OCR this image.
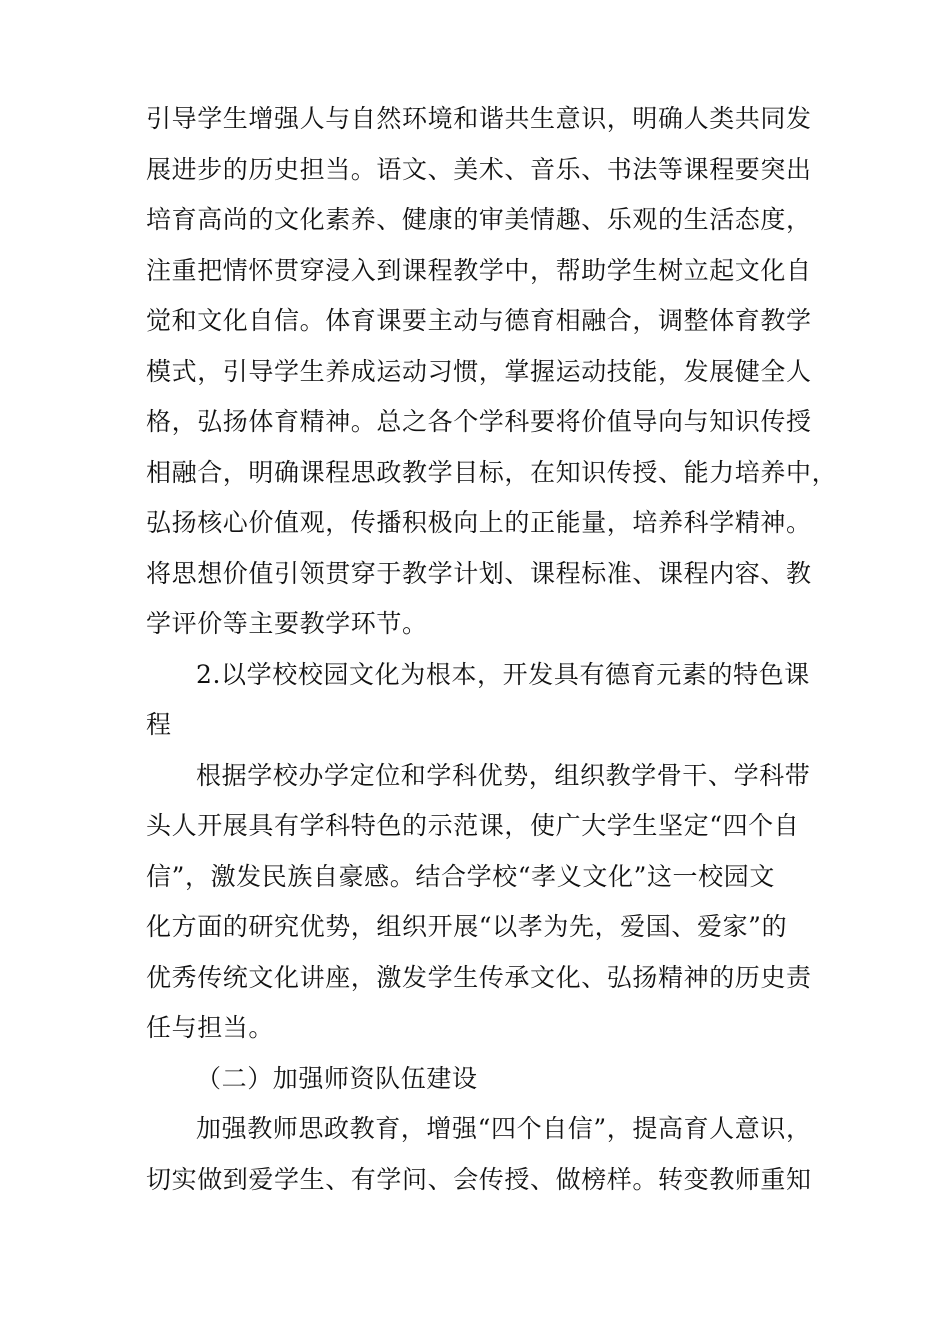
引导学生增强人与自然环境和谐共生意识，明确人类共同发
展进步的历史担当。语文、美术、音乐、书法等课程要突出
培育高尚的文化素养、健康的审美情趣、乐观的生活态度，
注重把情怀贯穿浸入到课程教学中，帮助学生树立起文化自
觉和文化自信。体育课要主动与德育相融合，调整体育教学
模式，引导学生养成运动习惯，掌握运动技能，发展健全人
格，弘扬体育精神。总之各个学科要将价值导向与知识传授
相融合，明确课程思政教学目标，在知识传授、能力培养中，
弘扬核心价值观，传播积极向上的正能量，培养科学精神。
将思想价值引领贯穿于教学计划、课程标准、课程内容、教
学评价等主要教学环节。
2.以学校校园文化为根本，开发具有德育元素的特色课
程
根据学校办学定位和学科优势，组织教学骨干、学科带
头人开展具有学科特色的示范课，使广大学生坚定“四个自
信”，激发民族自豪感。结合学校“孝义文化”这一校园文
化方面的研究优势，组织开展“以孝为先，爱国、爱家”的
优秀传统文化讲座，激发学生传承文化、弘扬精神的历史责
任与担当。
（二）加强师资队伍建设
加强教师思政教育，增强“四个自信”，提高育人意识，
切实做到爱学生、有学问、会传授、做榜样。转变教师重知
